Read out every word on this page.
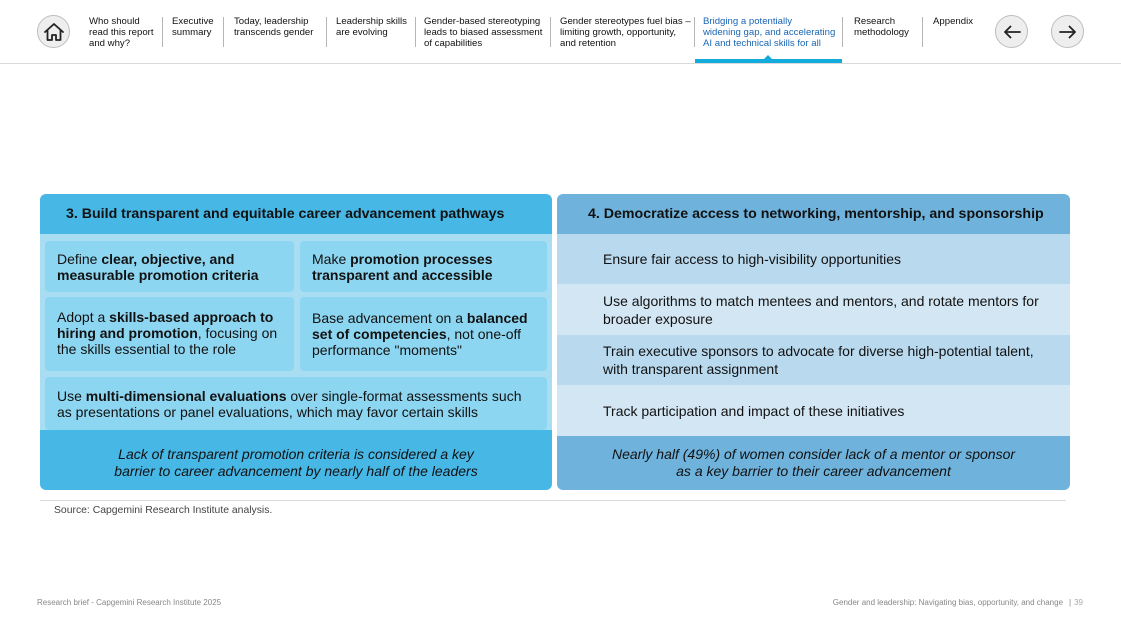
Who should
read this report
and why?
Executive
summary
Today, leadership
transcends gender
Leadership skills
are evolving
Gender-based stereotyping
leads to biased assessment
of capabilities
Gender stereotypes fuel bias –
limiting growth, opportunity,
and retention
Bridging a potentially
widening gap, and accelerating
AI and technical skills for all
Research
methodology
Appendix
3. Build transparent and equitable career advancement pathways
Define clear, objective, and measurable promotion criteria
Make promotion processes transparent and accessible
Adopt a skills-based approach to hiring and promotion, focusing on the skills essential to the role
Base advancement on a balanced set of competencies, not one-off performance "moments"
Use multi-dimensional evaluations over single-format assessments such as presentations or panel evaluations, which may favor certain skills
Lack of transparent promotion criteria is considered a key
barrier to career advancement by nearly half of the leaders
4. Democratize access to networking, mentorship, and sponsorship
Ensure fair access to high-visibility opportunities
Use algorithms to match mentees and mentors, and rotate mentors for broader exposure
Train executive sponsors to advocate for diverse high-potential talent, with transparent assignment
Track participation and impact of these initiatives
Nearly half (49%) of women consider lack of a mentor or sponsor
as a key barrier to their career advancement
Source: Capgemini Research Institute analysis.
Research brief - Capgemini Research Institute 2025	Gender and leadership: Navigating bias, opportunity, and change | 39
